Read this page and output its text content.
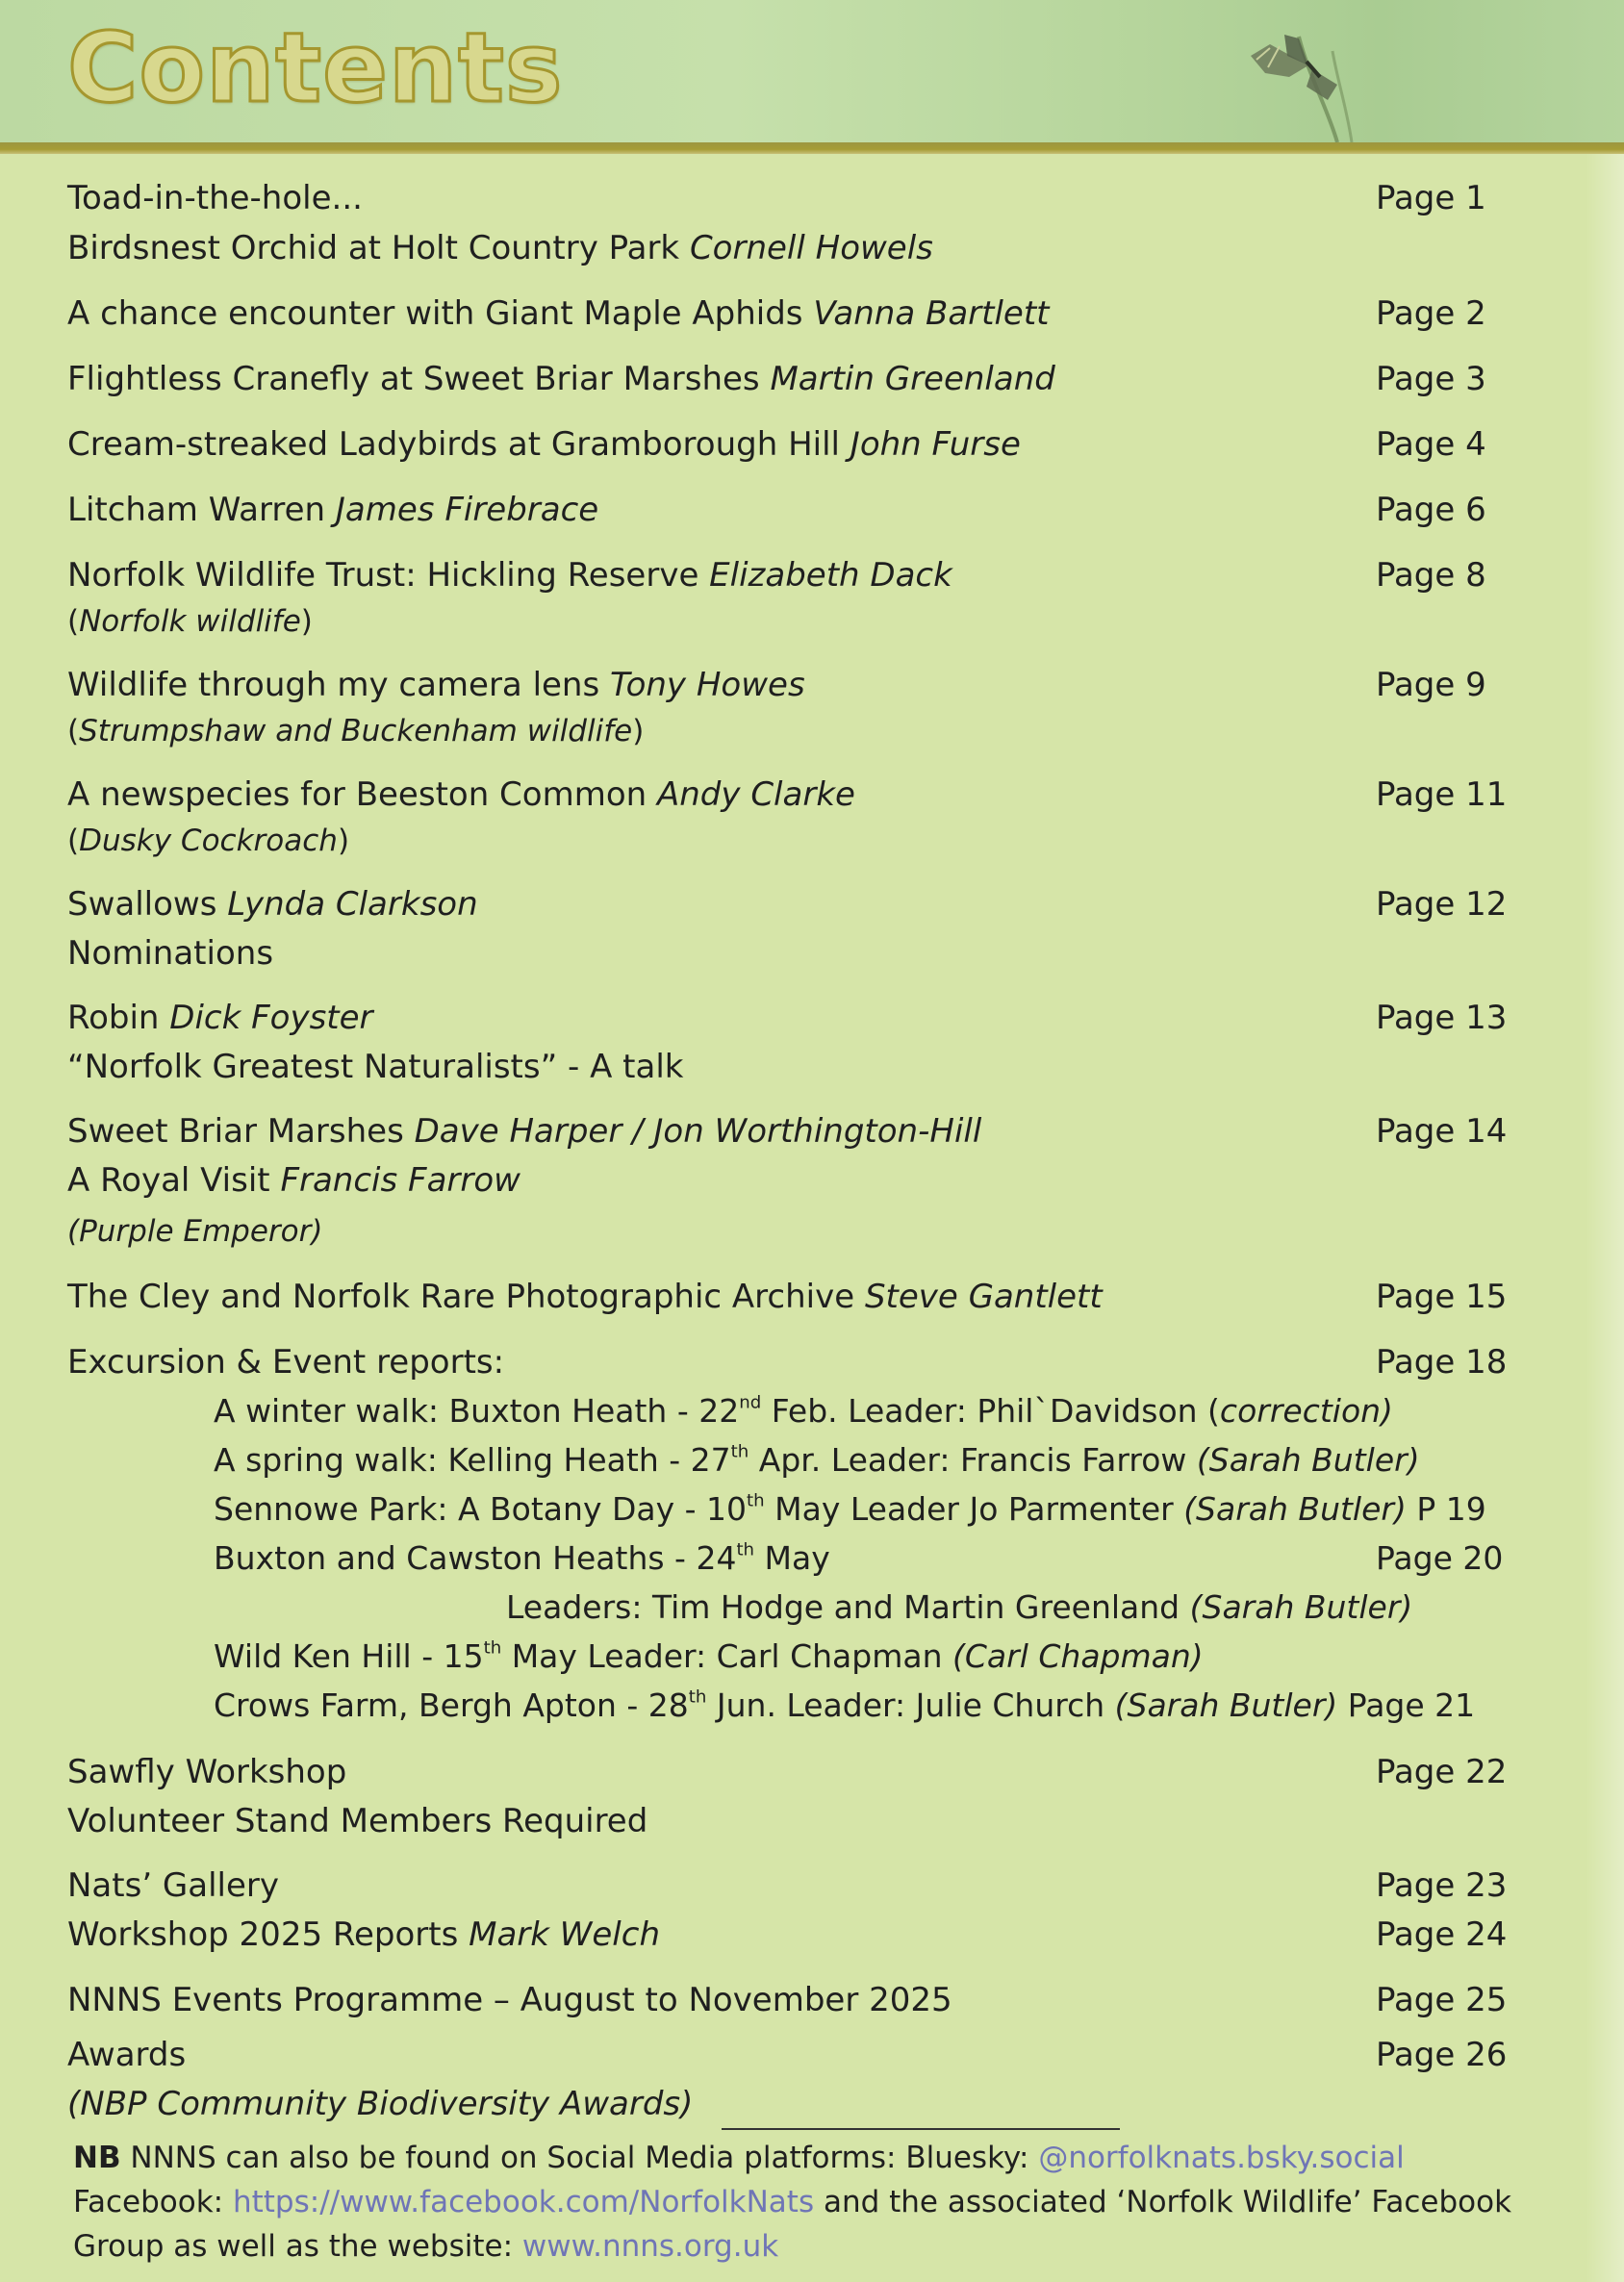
Contents
Toad-in-the-hole...	Page 1
Birdsnest Orchid at Holt Country Park Cornell Howels
A chance encounter with Giant Maple Aphids Vanna Bartlett	Page 2
Flightless Cranefly at Sweet Briar Marshes Martin Greenland	Page 3
Cream-streaked Ladybirds at Gramborough Hill John Furse	Page 4
Litcham Warren James Firebrace	Page 6
Norfolk Wildlife Trust: Hickling Reserve Elizabeth Dack	Page 8
(Norfolk wildlife)
Wildlife through my camera lens Tony Howes	Page 9
(Strumpshaw and Buckenham wildlife)
A newspecies for Beeston Common Andy Clarke	Page 11
(Dusky Cockroach)
Swallows Lynda Clarkson	Page 12
Nominations
Robin Dick Foyster	Page 13
“Norfolk Greatest Naturalists” - A talk
Sweet Briar Marshes Dave Harper / Jon Worthington-Hill	Page 14
A Royal Visit Francis Farrow
(Purple Emperor)
The Cley and Norfolk Rare Photographic Archive Steve Gantlett	Page 15
Excursion & Event reports:	Page 18
A winter walk: Buxton Heath - 22nd Feb. Leader: Phil`Davidson (correction)
A spring walk: Kelling Heath - 27th Apr. Leader: Francis Farrow (Sarah Butler)
Sennowe Park: A Botany Day - 10th May Leader Jo Parmenter (Sarah Butler) P 19
Buxton and Cawston Heaths - 24th May	Page 20
Leaders: Tim Hodge and Martin Greenland (Sarah Butler)
Wild Ken Hill - 15th May Leader: Carl Chapman (Carl Chapman)
Crows Farm, Bergh Apton - 28th Jun. Leader: Julie Church (Sarah Butler) Page 21
Sawfly Workshop	Page 22
Volunteer Stand Members Required
Nats’ Gallery	Page 23
Workshop 2025 Reports Mark Welch	Page 24
NNNS Events Programme – August to November 2025	Page 25
Awards	Page 26
(NBP Community Biodiversity Awards)
NB NNNS can also be found on Social Media platforms: Bluesky: @norfolknats.bsky.social
Facebook: https://www.facebook.com/NorfolkNats and the associated ‘Norfolk Wildlife’ Facebook
Group as well as the website: www.nnns.org.uk
